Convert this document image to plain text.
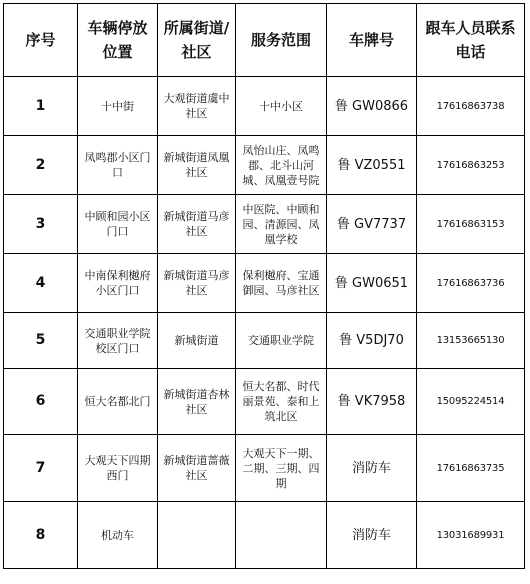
序号	车辆停放位置	所属街道/社区	服务范围	车牌号	跟车人员联系电话
1	十中街	大观街道虞中社区	十中小区	鲁 GW0866	17616863738
2	凤鸣郡小区门口	新城街道凤凰社区	凤怡山庄、凤鸣郡、北斗山河城、凤凰壹号院	鲁 VZ0551	17616863253
3	中顾和园小区门口	新城街道马彦社区	中医院、中顾和园、清源园、凤凰学校	鲁 GV7737	17616863153
4	中南保利樾府小区门口	新城街道马彦社区	保利樾府、宝通御园、马彦社区	鲁 GW0651	17616863736
5	交通职业学院校区门口	新城街道	交通职业学院	鲁 V5DJ70	13153665130
6	恒大名都北门	新城街道杏林社区	恒大名都、时代丽景苑、泰和上筑北区	鲁 VK7958	15095224514
7	大观天下四期西门	新城街道蔷薇社区	大观天下一期、二期、三期、四期	消防车	17616863735
8	机动车			消防车	13031689931
